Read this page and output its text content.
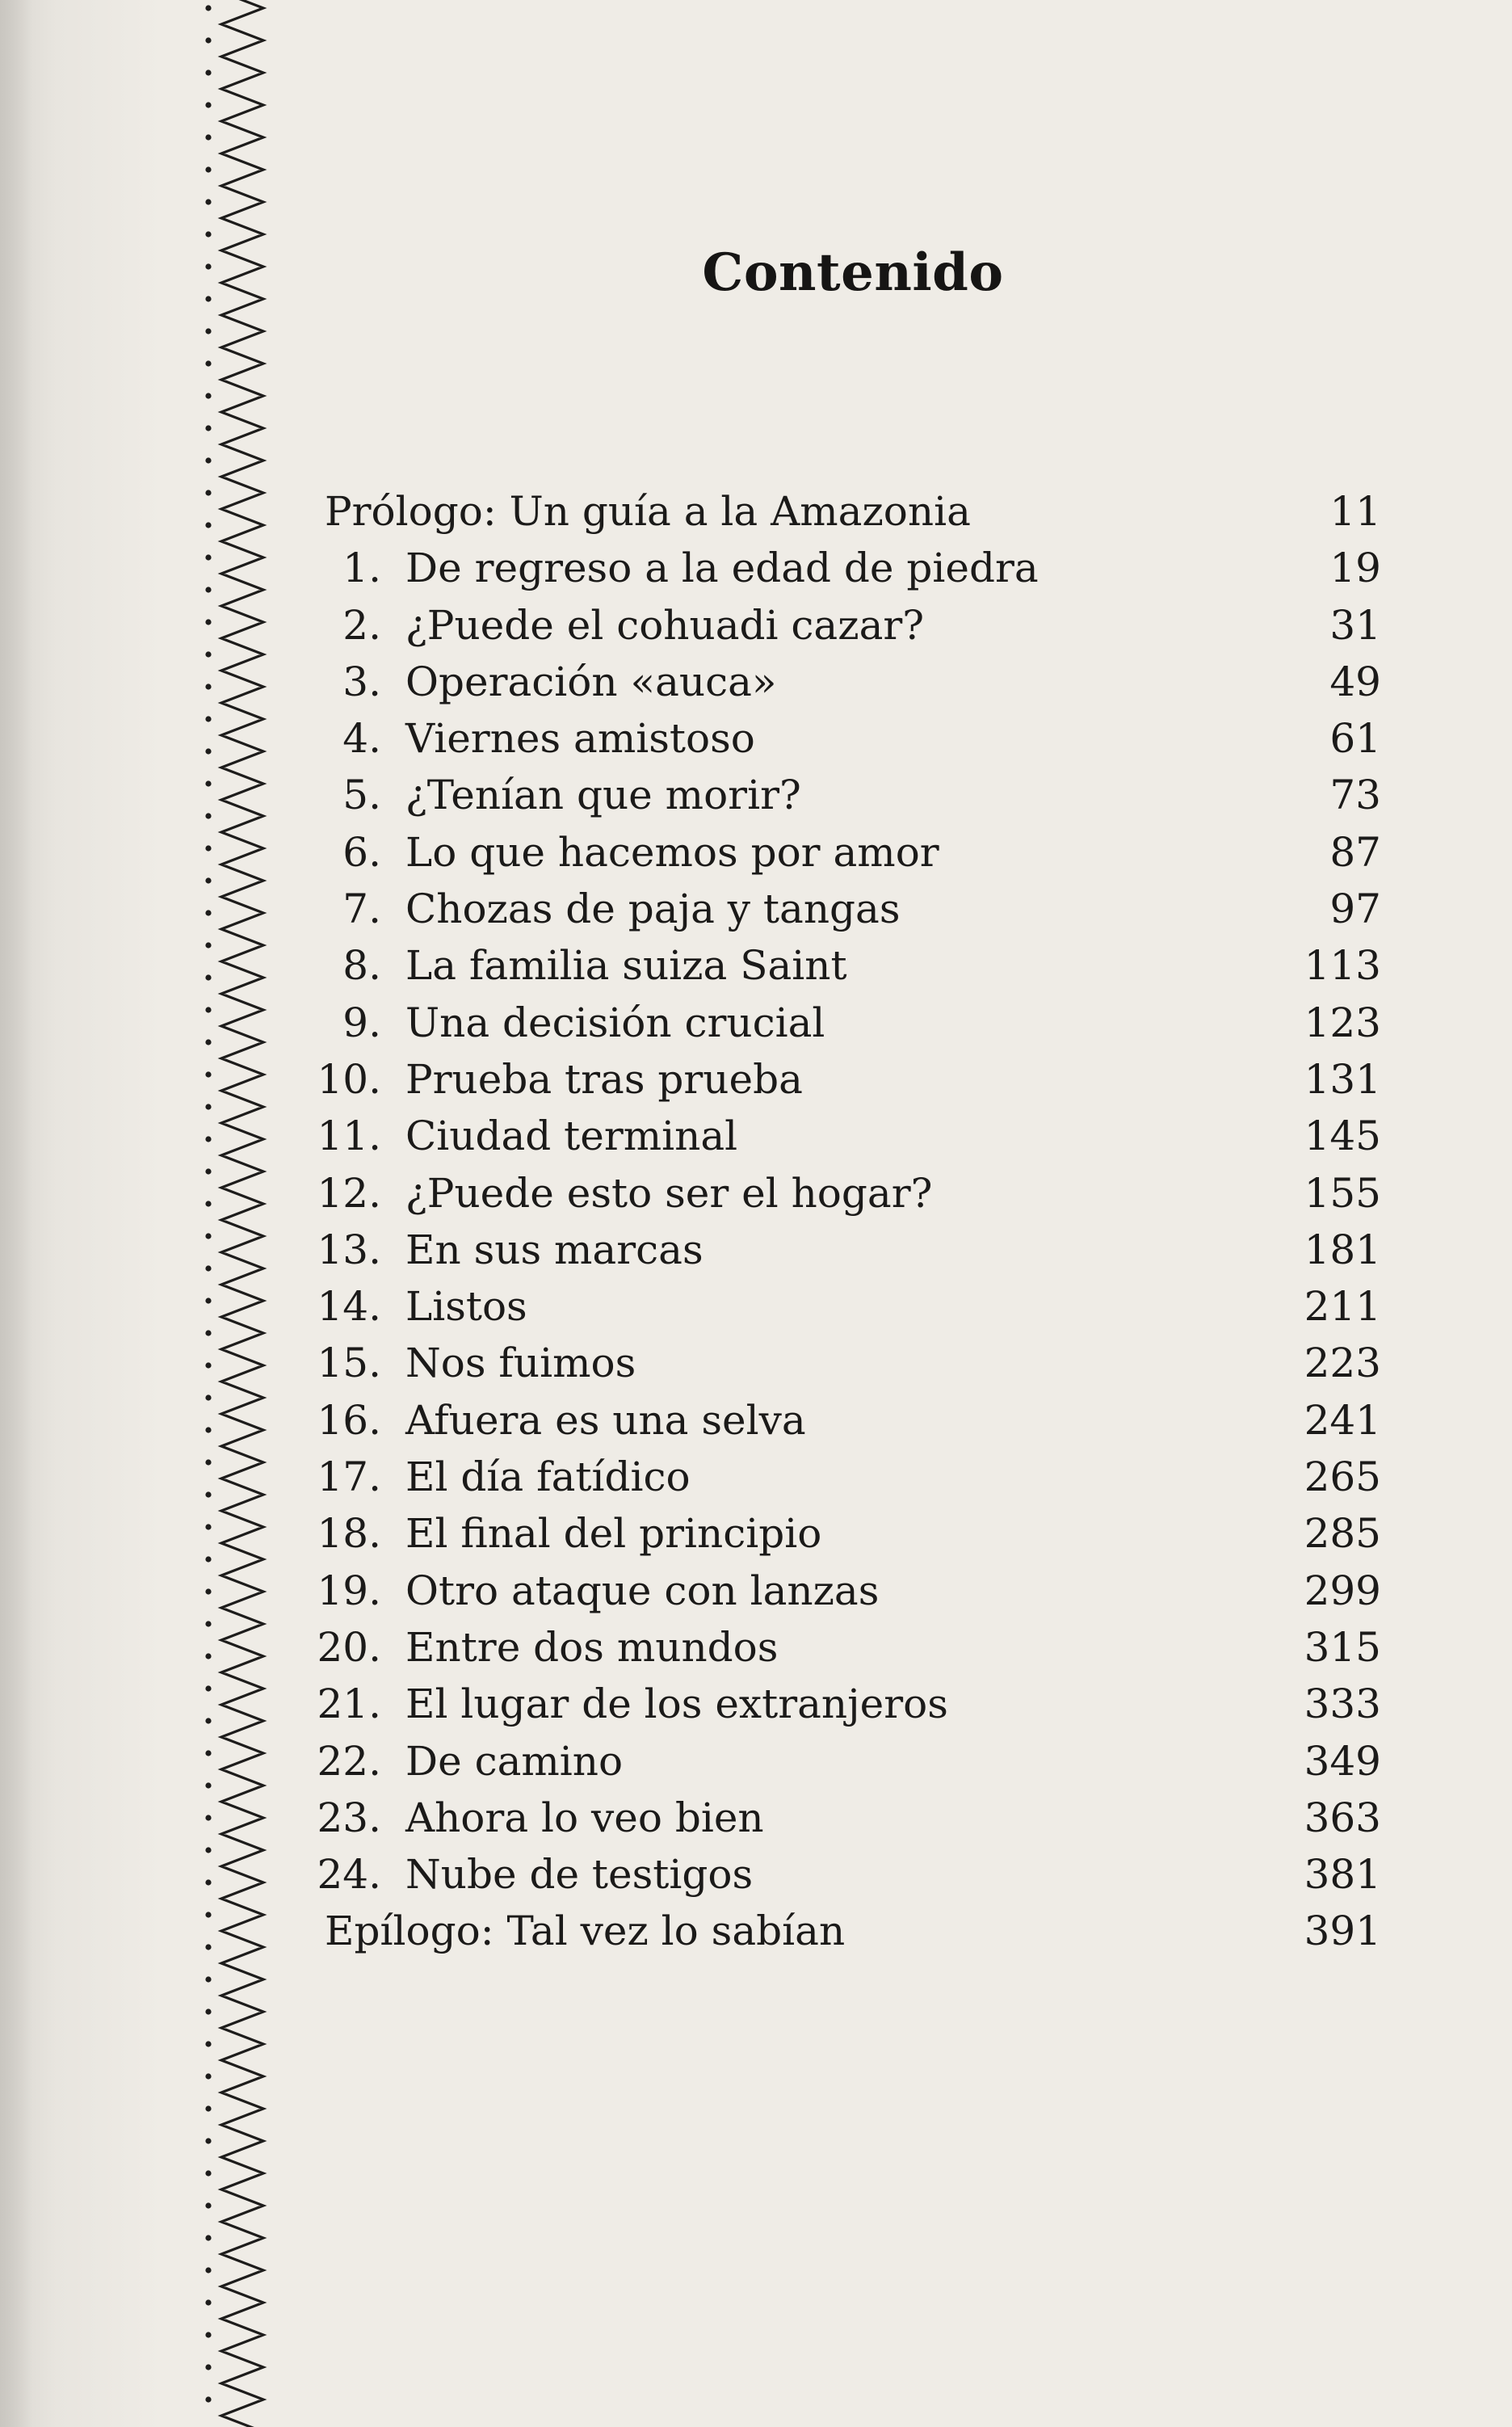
Contenido
Prólogo: Un guía a la Amazonia	11
1. De regreso a la edad de piedra	19
2. ¿Puede el cohuadi cazar?	31
3. Operación «auca»	49
4. Viernes amistoso	61
5. ¿Tenían que morir?	73
6. Lo que hacemos por amor	87
7. Chozas de paja y tangas	97
8. La familia suiza Saint	113
9. Una decisión crucial	123
10. Prueba tras prueba	131
11. Ciudad terminal	145
12. ¿Puede esto ser el hogar?	155
13. En sus marcas	181
14. Listos	211
15. Nos fuimos	223
16. Afuera es una selva	241
17. El día fatídico	265
18. El final del principio	285
19. Otro ataque con lanzas	299
20. Entre dos mundos	315
21. El lugar de los extranjeros	333
22. De camino	349
23. Ahora lo veo bien	363
24. Nube de testigos	381
Epílogo: Tal vez lo sabían	391
